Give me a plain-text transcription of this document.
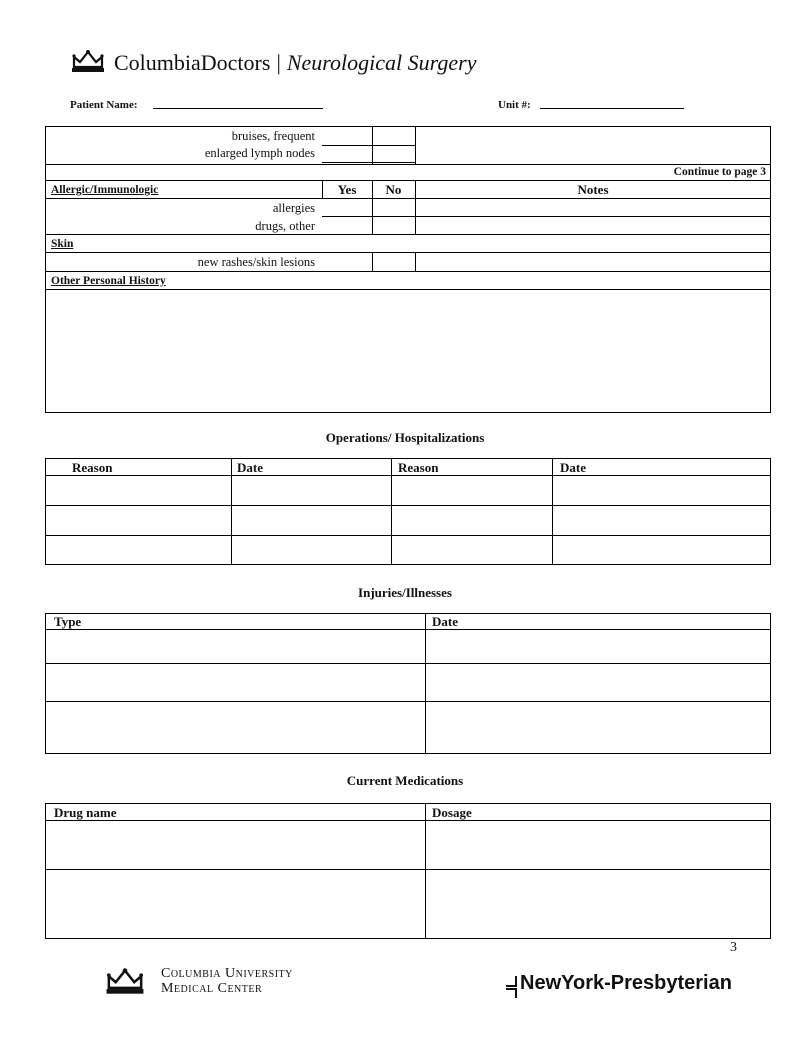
ColumbiaDoctors | Neurological Surgery
Patient Name:	Unit #:
bruises, frequent
enlarged lymph nodes
Continue to page 3
Allergic/Immunologic	Yes	No	Notes
allergies
drugs, other
Skin
new rashes/skin lesions
Other Personal History
Operations/ Hospitalizations
Reason	Date	Reason	Date
Injuries/Illnesses
Type	Date
Current Medications
Drug name	Dosage
3
Columbia University
Medical Center	NewYork-Presbyterian
